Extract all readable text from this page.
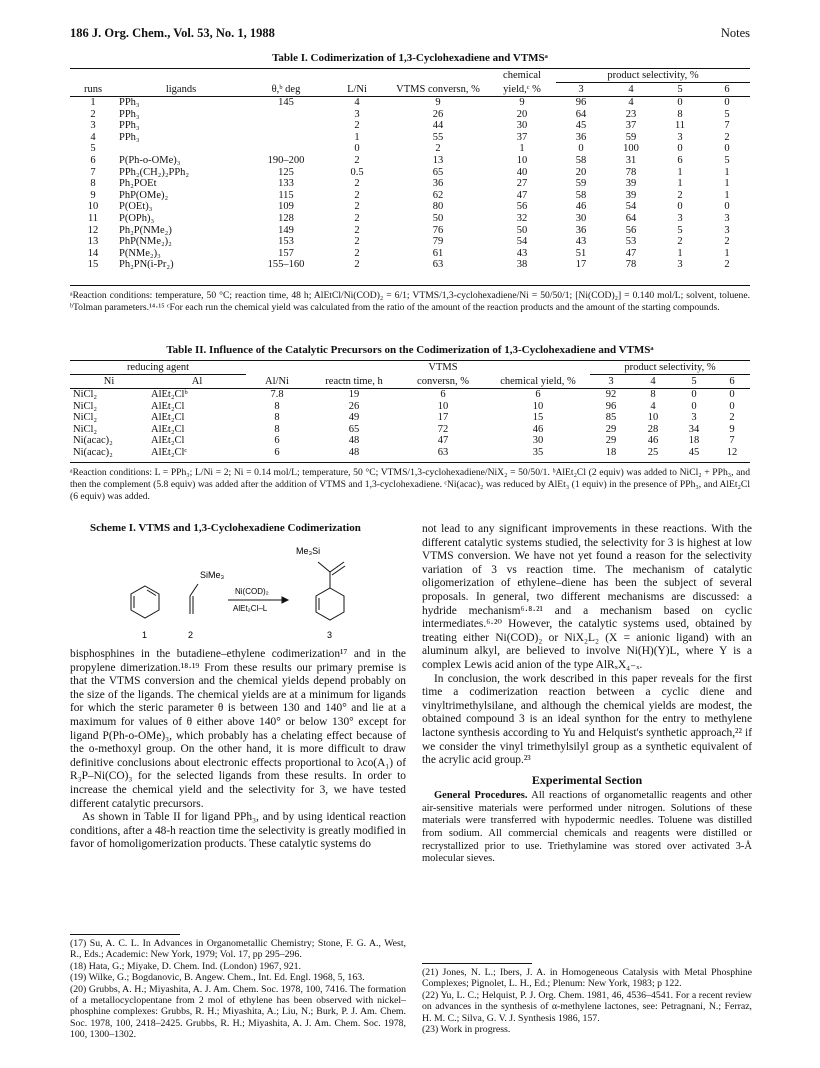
186 J. Org. Chem., Vol. 53, No. 1, 1988	Notes
Table I. Codimerization of 1,3-Cyclohexadiene and VTMSᵃ
					chemical	product selectivity, %			
runs	ligands	θ,ᵇ deg	L/Ni	VTMS conversn, %	yield,ᶜ %	3	4	5	6
1	PPh₃	145	4	9	9	96	4	0	0
2	PPh₃		3	26	20	64	23	8	5
3	PPh₃		2	44	30	45	37	11	7
4	PPh₃		1	55	37	36	59	3	2
5			0	2	1	0	100	0	0
6	P(Ph-o-OMe)₃	190–200	2	13	10	58	31	6	5
7	PPh₂(CH₂)₂PPh₂	125	0.5	65	40	20	78	1	1
8	Ph₂POEt	133	2	36	27	59	39	1	1
9	PhP(OMe)₂	115	2	62	47	58	39	2	1
10	P(OEt)₃	109	2	80	56	46	54	0	0
11	P(OPh)₃	128	2	50	32	30	64	3	3
12	Ph₂P(NMe₂)	149	2	76	50	36	56	5	3
13	PhP(NMe₂)₂	153	2	79	54	43	53	2	2
14	P(NMe₂)₃	157	2	61	43	51	47	1	1
15	Ph₂PN(i-Pr₂)	155–160	2	63	38	17	78	3	2
ᵃReaction conditions: temperature, 50 °C; reaction time, 48 h; AlEtCl/Ni(COD)₂ = 6/1; VTMS/1,3-cyclohexadiene/Ni = 50/50/1; [Ni(COD)₂] = 0.140 mol/L; solvent, toluene. ᵇTolman parameters.¹⁴·¹⁵ ᶜFor each run the chemical yield was calculated from the ratio of the amount of the reaction products and the amount of the starting compounds.
Table II. Influence of the Catalytic Precursors on the Codimerization of 1,3-Cyclohexadiene and VTMSᵃ
reducing agent				VTMS		product selectivity, %			
Ni	Al	Al/Ni	reactn time, h	conversn, %	chemical yield, %	3	4	5	6
NiCl₂	AlEt₂Clᵇ	7.8	19	6	6	92	8	0	0
NiCl₂	AlEt₂Cl	8	26	10	10	96	4	0	0
NiCl₂	AlEt₂Cl	8	49	17	15	85	10	3	2
NiCl₂	AlEt₂Cl	8	65	72	46	29	28	34	9
Ni(acac)₂	AlEt₂Cl	6	48	47	30	29	46	18	7
Ni(acac)₂	AlEt₂Clᶜ	6	48	63	35	18	25	45	12
ᵃReaction conditions: L = PPh₃; L/Ni = 2; Ni = 0.14 mol/L; temperature, 50 °C; VTMS/1,3-cyclohexadiene/NiX₂ = 50/50/1. ᵇAlEt₂Cl (2 equiv) was added to NiCl₂ + PPh₃, and then the complement (5.8 equiv) was added after the addition of VTMS and 1,3-cyclohexadiene. ᶜNi(acac)₂ was reduced by AlEt₃ (1 equiv) in the presence of PPh₃, and AlEt₂Cl (6 equiv) was added.
Scheme I. VTMS and 1,3-Cyclohexadiene Codimerization
SiMe₃
Ni(COD)₂
AlEt₂Cl–L
Me₃Si
1	2	3

bisphosphines in the butadiene–ethylene codimerization¹⁷ and in the propylene dimerization.¹⁸·¹⁹ From these results our primary premise is that the VTMS conversion and the chemical yields depend probably on the size of the ligands. The chemical yields are at a minimum for ligands for which the steric parameter θ is between 130 and 140° and lie at a maximum for values of θ either above 140° or below 130° except for ligand P(Ph-o-OMe)₃, which probably has a chelating effect because of the o-methoxyl group. On the other hand, it is more difficult to draw definitive conclusions about electronic effects proportional to λco(A₁) of R₃P–Ni(CO)₃ for the selected ligands from these results. In order to increase the chemical yield and the selectivity for 3, we have tested different catalytic precursors.

As shown in Table II for ligand PPh₃, and by using identical reaction conditions, after a 48-h reaction time the selectivity is greatly modified in favor of homoligomerization products. These catalytic systems do

not lead to any significant improvements in these reactions. With the different catalytic systems studied, the selectivity for 3 is highest at low VTMS conversion. We have not yet found a reason for the selectivity variation of 3 vs reaction time. The mechanism of catalytic oligomerization of ethylene–diene has been the subject of several proposals. In general, two different mechanisms are discussed: a hydride mechanism⁶·⁸·²¹ and a mechanism based on cyclic intermediates.⁶·²⁰ However, the catalytic systems used, obtained by treating either Ni(COD)₂ or NiX₂L₂ (X = anionic ligand) with an aluminum alkyl, are believed to involve Ni(H)(Y)L, where Y is a complex Lewis acid anion of the type AlRₓX₄₋ₓ.

In conclusion, the work described in this paper reveals for the first time a codimerization reaction between a cyclic diene and vinyltrimethylsilane, and although the chemical yields are modest, the obtained compound 3 is an ideal synthon for the entry to methylene lactone synthesis according to Yu and Helquist's synthetic approach,²² if we consider the vinyl trimethylsilyl group as a synthetic equivalent of the acrylic acid group.²³

Experimental Section

General Procedures. All reactions of organometallic reagents and other air-sensitive materials were performed under nitrogen. Solutions of these materials were transferred with hypodermic needles. Toluene was distilled from sodium. All commercial chemicals and reagents were distilled or recrystallized prior to use. Triethylamine was stored over activated 3-Å molecular sieves.

(17) Su, A. C. L. In Advances in Organometallic Chemistry; Stone, F. G. A., West, R., Eds.; Academic: New York, 1979; Vol. 17, pp 295–296.

(18) Hata, G.; Miyake, D. Chem. Ind. (London) 1967, 921.

(19) Wilke, G.; Bogdanovic, B. Angew. Chem., Int. Ed. Engl. 1968, 5, 163.

(20) Grubbs, A. H.; Miyashita, A. J. Am. Chem. Soc. 1978, 100, 7416. The formation of a metallocyclopentane from 2 mol of ethylene has been observed with nickel–phosphine complexes: Grubbs, R. H.; Miyashita, A.; Liu, N.; Burk, P. J. Am. Chem. Soc. 1978, 100, 2418–2425. Grubbs, R. H.; Miyashita, A. J. Am. Chem. Soc. 1978, 100, 1300–1302.

(21) Jones, N. L.; Ibers, J. A. in Homogeneous Catalysis with Metal Phosphine Complexes; Pignolet, L. H., Ed.; Plenum: New York, 1983; p 122.

(22) Yu, L. C.; Helquist, P. J. Org. Chem. 1981, 46, 4536–4541. For a recent review on advances in the synthesis of α-methylene lactones, see: Petragnani, N.; Ferraz, H. M. C.; Silva, G. V. J. Synthesis 1986, 157.

(23) Work in progress.
